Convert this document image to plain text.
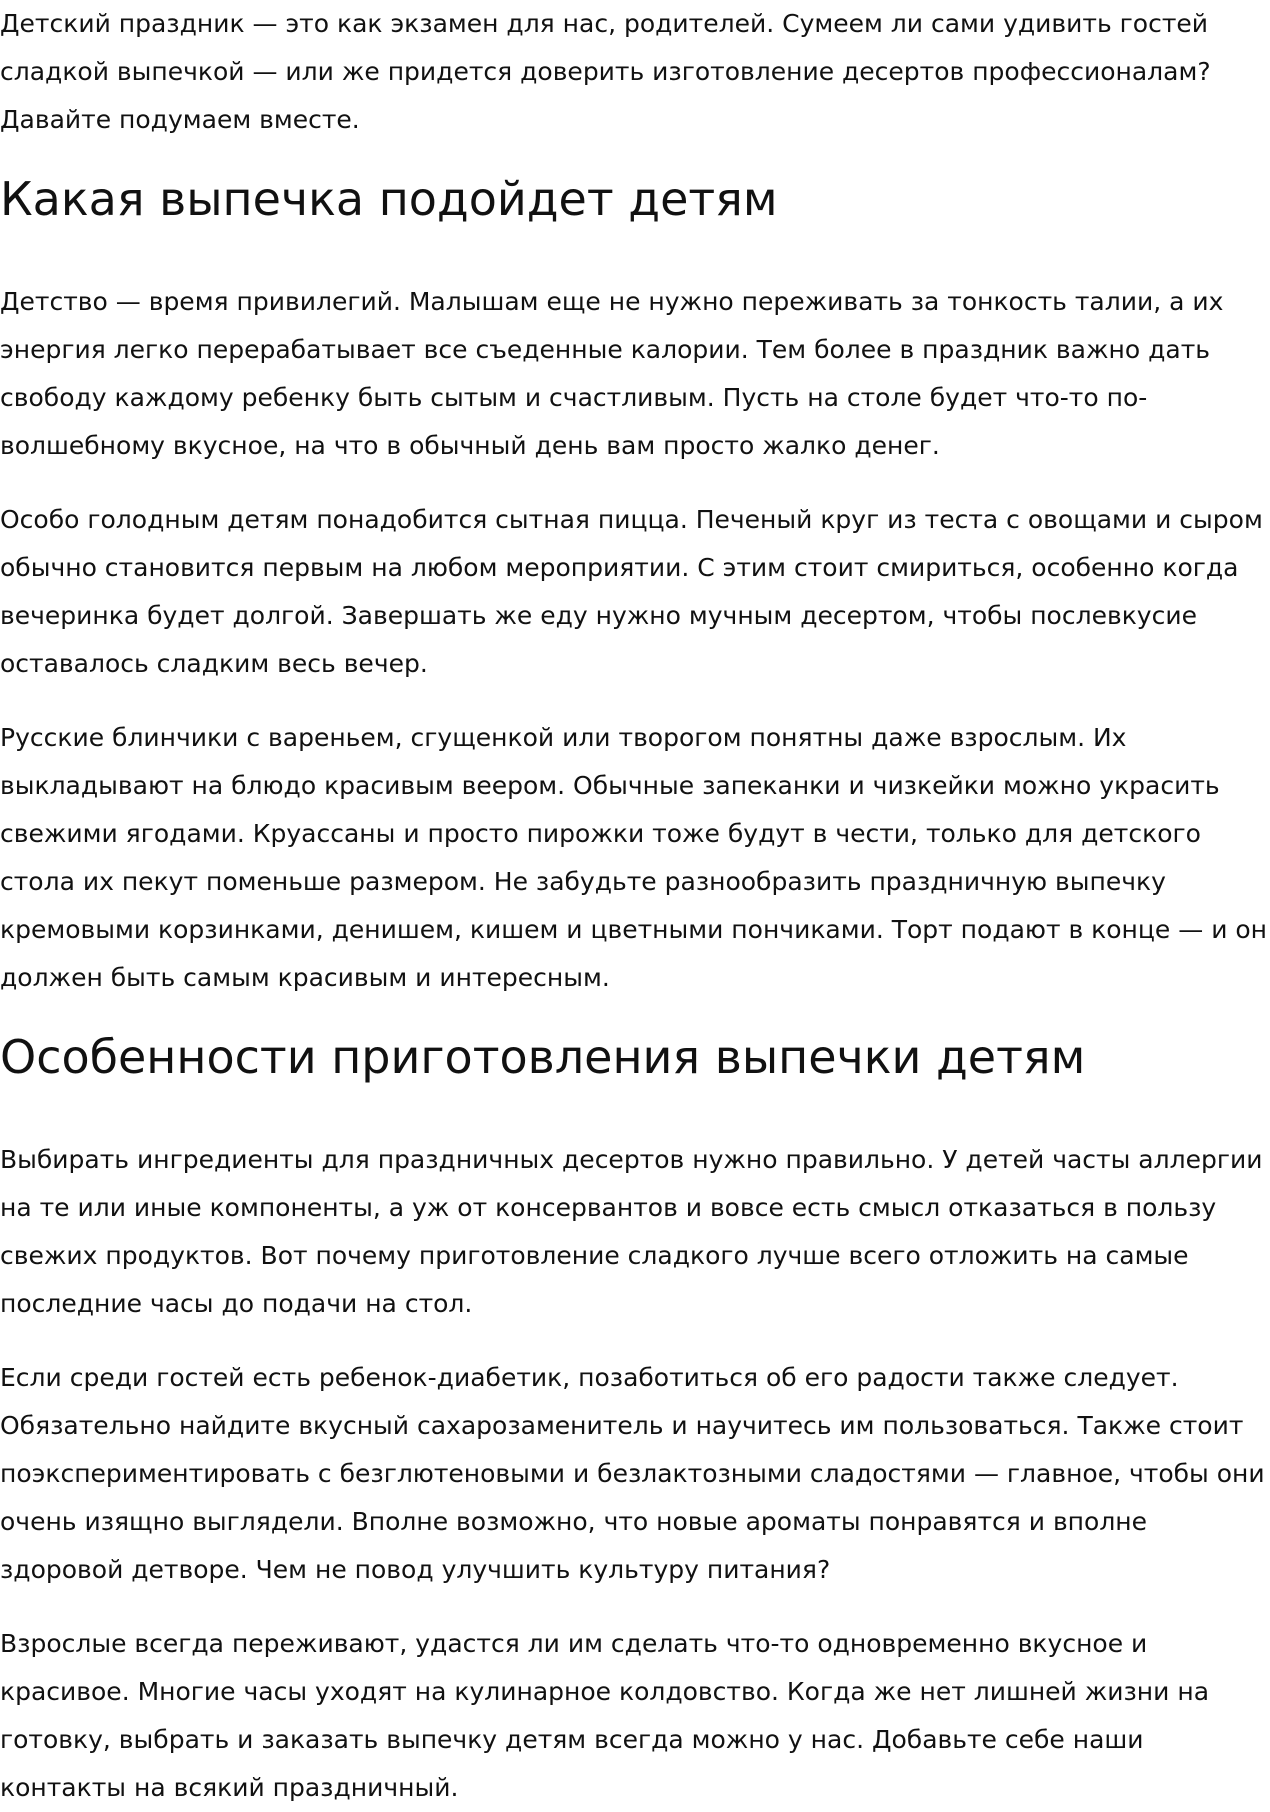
Детский праздник — это как экзамен для нас, родителей. Сумеем ли сами удивить гостей сладкой выпечкой — или же придется доверить изготовление десертов профессионалам? Давайте подумаем вместе.

Какая выпечка подойдет детям

Детство — время привилегий. Малышам еще не нужно переживать за тонкость талии, а их энергия легко перерабатывает все съеденные калории. Тем более в праздник важно дать свободу каждому ребенку быть сытым и счастливым. Пусть на столе будет что-то по-волшебному вкусное, на что в обычный день вам просто жалко денег.

Особо голодным детям понадобится сытная пицца. Печеный круг из теста с овощами и сыром обычно становится первым на любом мероприятии. С этим стоит смириться, особенно когда вечеринка будет долгой. Завершать же еду нужно мучным десертом, чтобы послевкусие оставалось сладким весь вечер.

Русские блинчики с вареньем, сгущенкой или творогом понятны даже взрослым. Их выкладывают на блюдо красивым веером. Обычные запеканки и чизкейки можно украсить свежими ягодами. Круассаны и просто пирожки тоже будут в чести, только для детского стола их пекут поменьше размером. Не забудьте разнообразить праздничную выпечку кремовыми корзинками, денишем, кишем и цветными пончиками. Торт подают в конце — и он должен быть самым красивым и интересным.

Особенности приготовления выпечки детям

Выбирать ингредиенты для праздничных десертов нужно правильно. У детей часты аллергии на те или иные компоненты, а уж от консервантов и вовсе есть смысл отказаться в пользу свежих продуктов. Вот почему приготовление сладкого лучше всего отложить на самые последние часы до подачи на стол.

Если среди гостей есть ребенок-диабетик, позаботиться об его радости также следует. Обязательно найдите вкусный сахарозаменитель и научитесь им пользоваться. Также стоит поэкспериментировать с безглютеновыми и безлактозными сладостями — главное, чтобы они очень изящно выглядели. Вполне возможно, что новые ароматы понравятся и вполне здоровой детворе. Чем не повод улучшить культуру питания?

Взрослые всегда переживают, удастся ли им сделать что-то одновременно вкусное и красивое. Многие часы уходят на кулинарное колдовство. Когда же нет лишней жизни на готовку, выбрать и заказать выпечку детям всегда можно у нас. Добавьте себе наши контакты на всякий праздничный.
